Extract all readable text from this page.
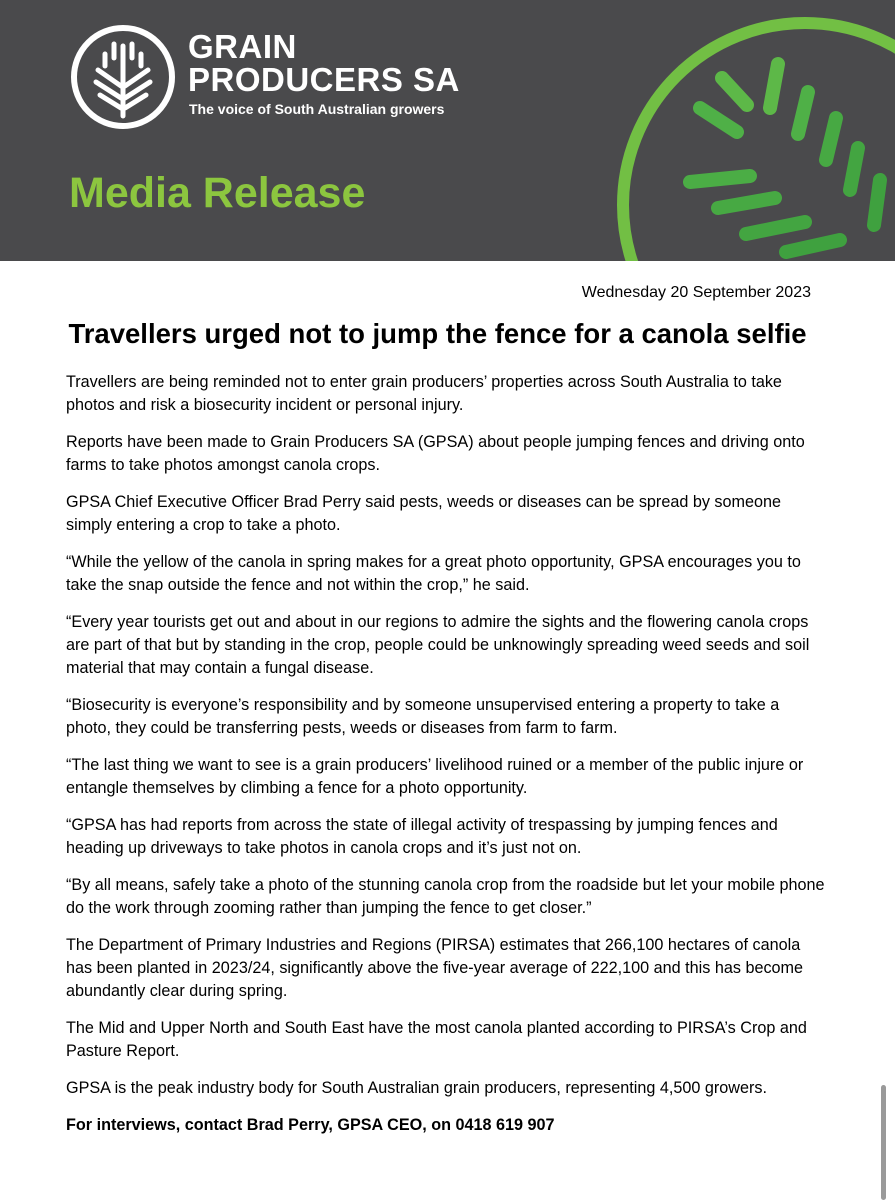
GRAIN
PRODUCERS SA
The voice of South Australian growers
Media Release
Wednesday 20 September 2023
Travellers urged not to jump the fence for a canola selfie

Travellers are being reminded not to enter grain producers’ properties across South Australia to take photos and risk a biosecurity incident or personal injury.

Reports have been made to Grain Producers SA (GPSA) about people jumping fences and driving onto farms to take photos amongst canola crops.

GPSA Chief Executive Officer Brad Perry said pests, weeds or diseases can be spread by someone simply entering a crop to take a photo.

“While the yellow of the canola in spring makes for a great photo opportunity, GPSA encourages you to take the snap outside the fence and not within the crop,” he said.

“Every year tourists get out and about in our regions to admire the sights and the flowering canola crops are part of that but by standing in the crop, people could be unknowingly spreading weed seeds and soil material that may contain a fungal disease.

“Biosecurity is everyone’s responsibility and by someone unsupervised entering a property to take a photo, they could be transferring pests, weeds or diseases from farm to farm.

“The last thing we want to see is a grain producers’ livelihood ruined or a member of the public injure or entangle themselves by climbing a fence for a photo opportunity.

“GPSA has had reports from across the state of illegal activity of trespassing by jumping fences and heading up driveways to take photos in canola crops and it’s just not on.

“By all means, safely take a photo of the stunning canola crop from the roadside but let your mobile phone do the work through zooming rather than jumping the fence to get closer.”

The Department of Primary Industries and Regions (PIRSA) estimates that 266,100 hectares of canola has been planted in 2023/24, significantly above the five-year average of 222,100 and this has become abundantly clear during spring.

The Mid and Upper North and South East have the most canola planted according to PIRSA’s Crop and Pasture Report.

GPSA is the peak industry body for South Australian grain producers, representing 4,500 growers.

For interviews, contact Brad Perry, GPSA CEO, on 0418 619 907
